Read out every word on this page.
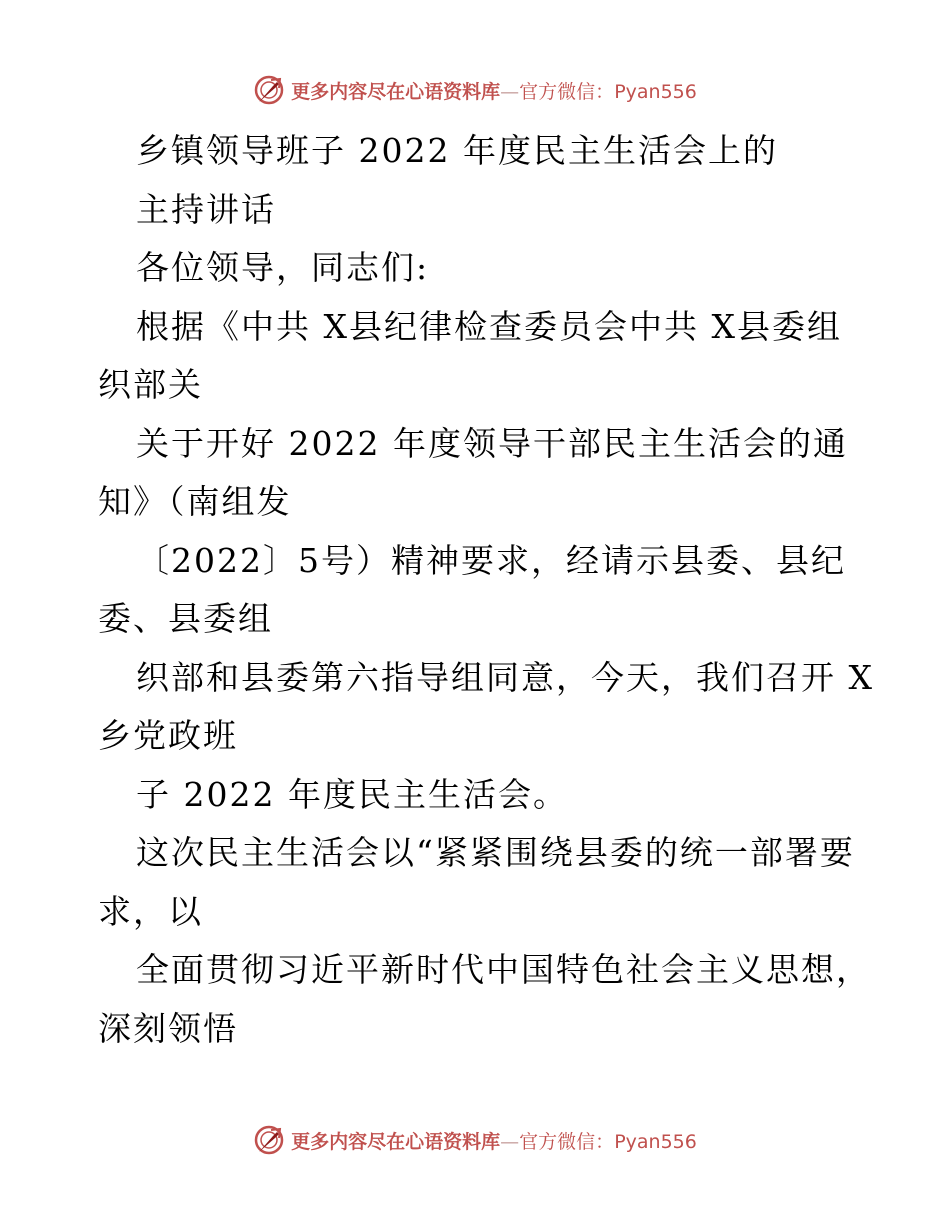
更多内容尽在心语资料库—官方微信：Pyan556
乡镇领导班子 2022 年度民主生活会上的
主持讲话
各位领导，同志们:
根据《中共 X县纪律检查委员会中共 X县委组
织部关
关于开好 2022 年度领导干部民主生活会的通
知》（南组发
〔2022〕5号）精神要求，经请示县委、县纪
委、县委组
织部和县委第六指导组同意，今天，我们召开 X
乡党政班
子 2022 年度民主生活会。
这次民主生活会以“紧紧围绕县委的统一部署要
求，以
全面贯彻习近平新时代中国特色社会主义思想，
深刻领悟
更多内容尽在心语资料库—官方微信：Pyan556
